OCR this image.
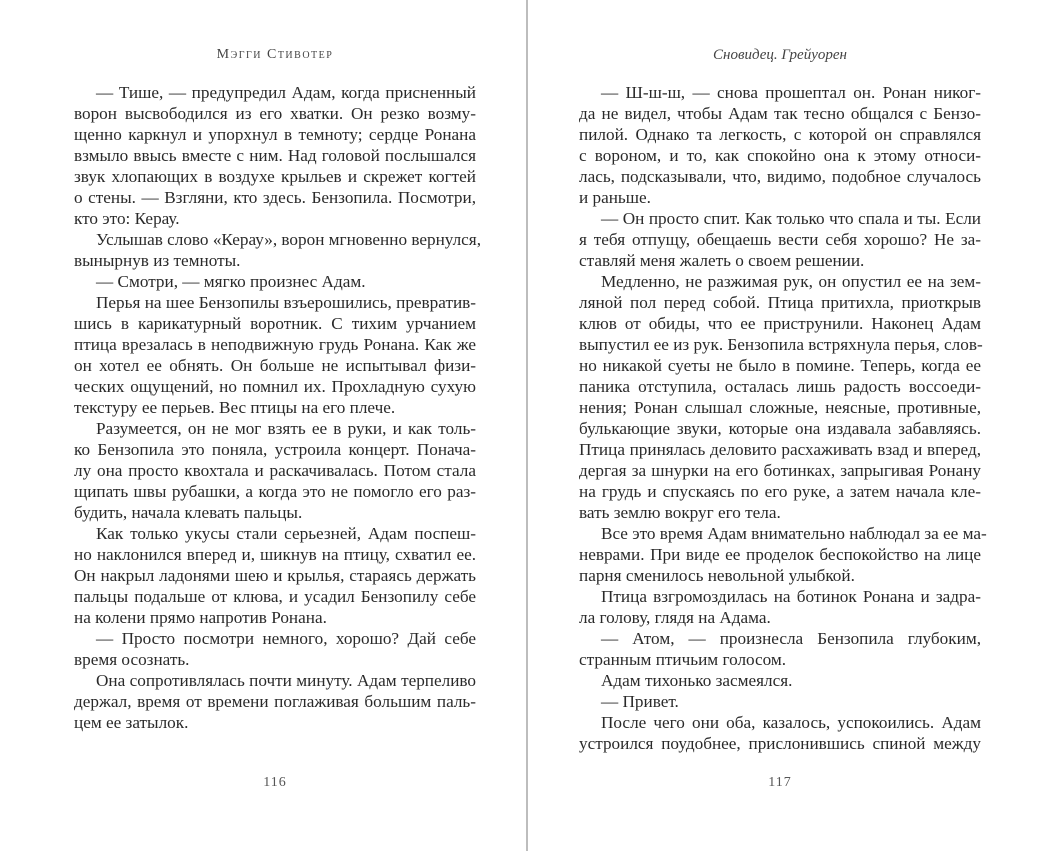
Мэгги Стивотер
— Тише, — предупредил Адам, когда присненный
ворон высвободился из его хватки. Он резко возму-
щенно каркнул и упорхнул в темноту; сердце Ронана
взмыло ввысь вместе с ним. Над головой послышался
звук хлопающих в воздухе крыльев и скрежет когтей
о стены. — Взгляни, кто здесь. Бензопила. Посмотри,
кто это: Керау.
Услышав слово «Керау», ворон мгновенно вернулся,
вынырнув из темноты.
— Смотри, — мягко произнес Адам.
Перья на шее Бензопилы взъерошились, превратив-
шись в карикатурный воротник. С тихим урчанием
птица врезалась в неподвижную грудь Ронана. Как же
он хотел ее обнять. Он больше не испытывал физи-
ческих ощущений, но помнил их. Прохладную сухую
текстуру ее перьев. Вес птицы на его плече.
Разумеется, он не мог взять ее в руки, и как толь-
ко Бензопила это поняла, устроила концерт. Понача-
лу она просто квохтала и раскачивалась. Потом стала
щипать швы рубашки, а когда это не помогло его раз-
будить, начала клевать пальцы.
Как только укусы стали серьезней, Адам поспеш-
но наклонился вперед и, шикнув на птицу, схватил ее.
Он накрыл ладонями шею и крылья, стараясь держать
пальцы подальше от клюва, и усадил Бензопилу себе
на колени прямо напротив Ронана.
— Просто посмотри немного, хорошо? Дай себе
время осознать.
Она сопротивлялась почти минуту. Адам терпеливо
держал, время от времени поглаживая большим паль-
цем ее затылок.
116
Сновидец. Грейуорен
— Ш-ш-ш, — снова прошептал он. Ронан никог-
да не видел, чтобы Адам так тесно общался с Бензо-
пилой. Однако та легкость, с которой он справлялся
с вороном, и то, как спокойно она к этому относи-
лась, подсказывали, что, видимо, подобное случалось
и раньше.
— Он просто спит. Как только что спала и ты. Если
я тебя отпущу, обещаешь вести себя хорошо? Не за-
ставляй меня жалеть о своем решении.
Медленно, не разжимая рук, он опустил ее на зем-
ляной пол перед собой. Птица притихла, приоткрыв
клюв от обиды, что ее приструнили. Наконец Адам
выпустил ее из рук. Бензопила встряхнула перья, слов-
но никакой суеты не было в помине. Теперь, когда ее
паника отступила, осталась лишь радость воссоеди-
нения; Ронан слышал сложные, неясные, противные,
булькающие звуки, которые она издавала забавляясь.
Птица принялась деловито расхаживать взад и вперед,
дергая за шнурки на его ботинках, запрыгивая Ронану
на грудь и спускаясь по его руке, а затем начала кле-
вать землю вокруг его тела.
Все это время Адам внимательно наблюдал за ее ма-
неврами. При виде ее проделок беспокойство на лице
парня сменилось невольной улыбкой.
Птица взгромоздилась на ботинок Ронана и задра-
ла голову, глядя на Адама.
— Атом, — произнесла Бензопила глубоким,
странным птичьим голосом.
Адам тихонько засмеялся.
— Привет.
После чего они оба, казалось, успокоились. Адам
устроился поудобнее, прислонившись спиной между
117
